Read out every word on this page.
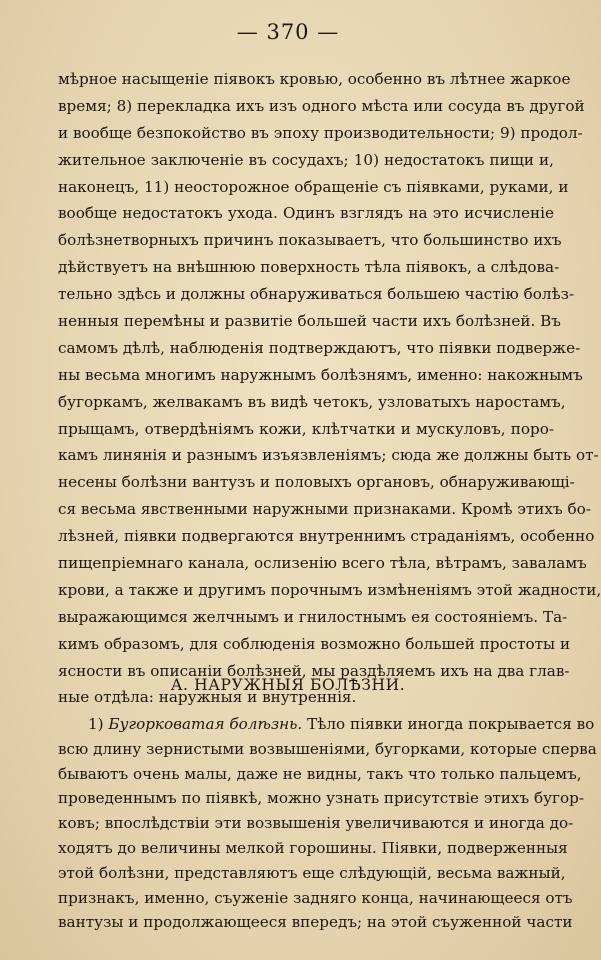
— 370 —
мѣрное насыщеніе піявокъ кровью, особенно въ лѣтнее жаркое
время; 8) перекладка ихъ изъ одного мѣста или сосуда въ другой
и вообще безпокойство въ эпоху производительности; 9) продол-
жительное заключеніе въ сосудахъ; 10) недостатокъ пищи и,
наконецъ, 11) неосторожное обращеніе съ піявками, руками, и
вообще недостатокъ ухода. Одинъ взглядъ на это исчисленіе
болѣзнетворныхъ причинъ показываетъ, что большинство ихъ
дѣйствуетъ на внѣшнюю поверхность тѣла піявокъ, а слѣдова-
тельно здѣсь и должны обнаруживаться большею частію болѣз-
ненныя перемѣны и развитіе большей части ихъ болѣзней. Въ
самомъ дѣлѣ, наблюденія подтверждаютъ, что піявки подверже-
ны весьма многимъ наружнымъ болѣзнямъ, именно: накожнымъ
бугоркамъ, желвакамъ въ видѣ четокъ, узловатыхъ наростамъ,
прыщамъ, отвердѣніямъ кожи, клѣтчатки и мускуловъ, поро-
камъ линянія и разнымъ изъязвленіямъ; сюда же должны быть от-
несены болѣзни вантузъ и половыхъ органовъ, обнаруживающі-
ся весьма явственными наружными признаками. Кромѣ этихъ бо-
лѣзней, піявки подвергаются внутреннимъ страданіямъ, особенно
пищепріемнаго канала, ослизенію всего тѣла, вѣтрамъ, заваламъ
крови, а также и другимъ порочнымъ измѣненіямъ этой жадности,
выражающимся желчнымъ и гнилостнымъ ея состояніемъ. Та-
кимъ образомъ, для соблюденія возможно большей простоты и
ясности въ описаніи болѣзней, мы раздѣляемъ ихъ на два глав-
ные отдѣла: наружныя и внутреннія.
А. НАРУЖНЫЯ БОЛѢЗНИ.
1) Бугорковатая болѣзнь. Тѣло піявки иногда покрывается во
всю длину зернистыми возвышеніями, бугорками, которые сперва
бываютъ очень малы, даже не видны, такъ что только пальцемъ,
проведеннымъ по піявкѣ, можно узнать присутствіе этихъ бугор-
ковъ; впослѣдствіи эти возвышенія увеличиваются и иногда до-
ходятъ до величины мелкой горошины. Піявки, подверженныя
этой болѣзни, представляютъ еще слѣдующій, весьма важный,
признакъ, именно, съуженіе задняго конца, начинающееся отъ
вантузы и продолжающееся впередъ; на этой съуженной части
